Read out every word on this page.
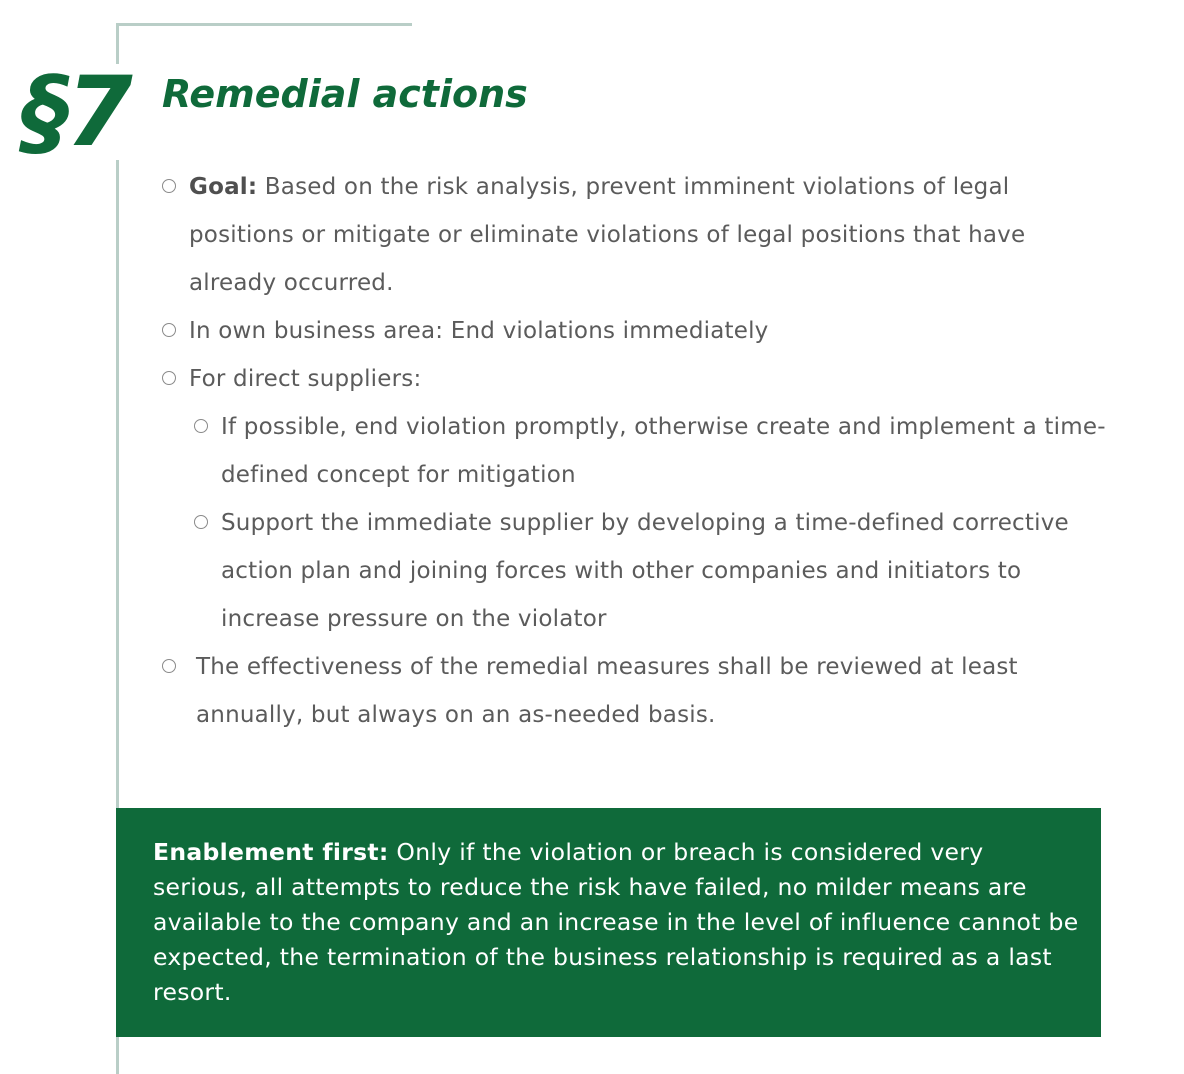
§7 Remedial actions
Goal: Based on the risk analysis, prevent imminent violations of legal positions or mitigate or eliminate violations of legal positions that have already occurred.
In own business area: End violations immediately
For direct suppliers:
If possible, end violation promptly, otherwise create and implement a time-defined concept for mitigation
Support the immediate supplier by developing a time-defined corrective action plan and joining forces with other companies and initiators to increase pressure on the violator
The effectiveness of the remedial measures shall be reviewed at least annually, but always on an as-needed basis.
Enablement first: Only if the violation or breach is considered very serious, all attempts to reduce the risk have failed, no milder means are available to the company and an increase in the level of influence cannot be expected, the termination of the business relationship is required as a last resort.
